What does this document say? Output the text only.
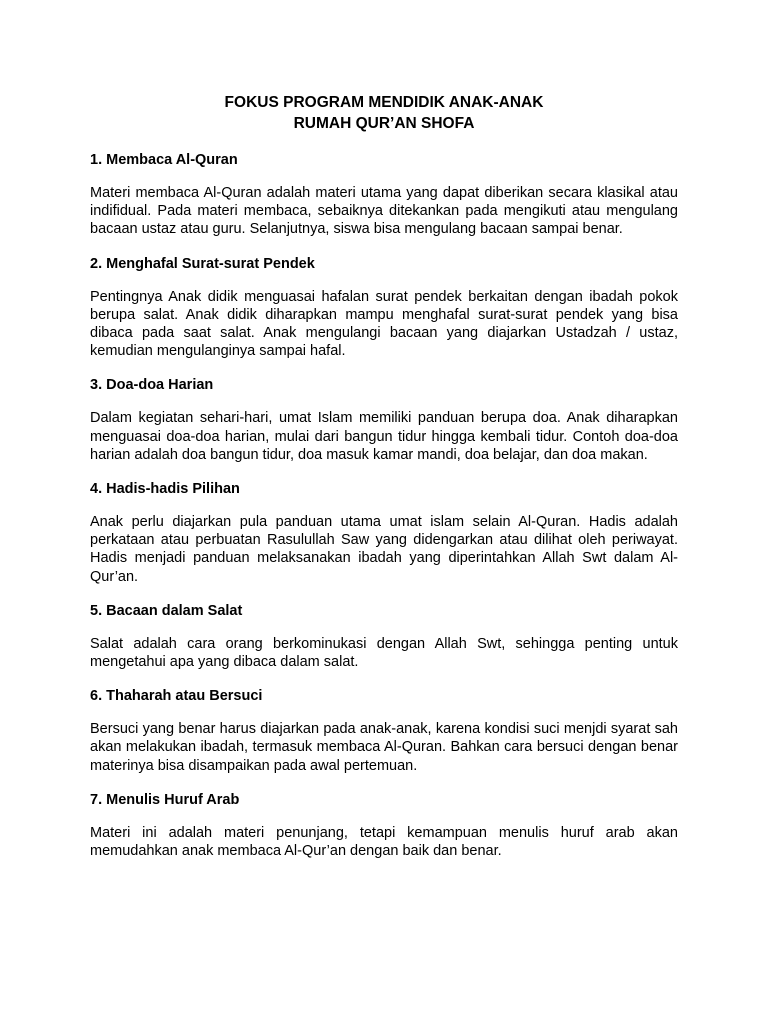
FOKUS PROGRAM MENDIDIK ANAK-ANAK
RUMAH QUR’AN SHOFA
1. Membaca Al-Quran

Materi membaca Al-Quran adalah materi utama yang dapat diberikan secara klasikal atau indifidual. Pada materi membaca, sebaiknya ditekankan pada mengikuti atau mengulang bacaan ustaz atau guru. Selanjutnya, siswa bisa mengulang bacaan sampai benar.

2. Menghafal Surat-surat Pendek

Pentingnya Anak didik menguasai hafalan surat pendek berkaitan dengan ibadah pokok berupa salat. Anak didik diharapkan mampu menghafal surat-surat pendek yang bisa dibaca pada saat salat. Anak mengulangi bacaan yang diajarkan Ustadzah / ustaz, kemudian mengulanginya sampai hafal.

3. Doa-doa Harian

Dalam kegiatan sehari-hari, umat Islam memiliki panduan berupa doa. Anak diharapkan menguasai doa-doa harian, mulai dari bangun tidur hingga kembali tidur. Contoh doa-doa harian adalah doa bangun tidur, doa masuk kamar mandi, doa belajar, dan doa makan.

4. Hadis-hadis Pilihan

Anak perlu diajarkan pula panduan utama umat islam selain Al-Quran. Hadis adalah perkataan atau perbuatan Rasulullah Saw yang didengarkan atau dilihat oleh periwayat. Hadis menjadi panduan melaksanakan ibadah yang diperintahkan Allah Swt dalam Al-Qur’an.

5. Bacaan dalam Salat

Salat adalah cara orang berkominukasi dengan Allah Swt, sehingga penting untuk mengetahui apa yang dibaca dalam salat.

6. Thaharah atau Bersuci

Bersuci yang benar harus diajarkan pada anak-anak, karena kondisi suci menjdi syarat sah akan melakukan ibadah, termasuk membaca Al-Quran. Bahkan cara bersuci dengan benar materinya bisa disampaikan pada awal pertemuan.

7. Menulis Huruf Arab

Materi ini adalah materi penunjang, tetapi kemampuan menulis huruf arab akan memudahkan anak membaca Al-Qur’an dengan baik dan benar.
